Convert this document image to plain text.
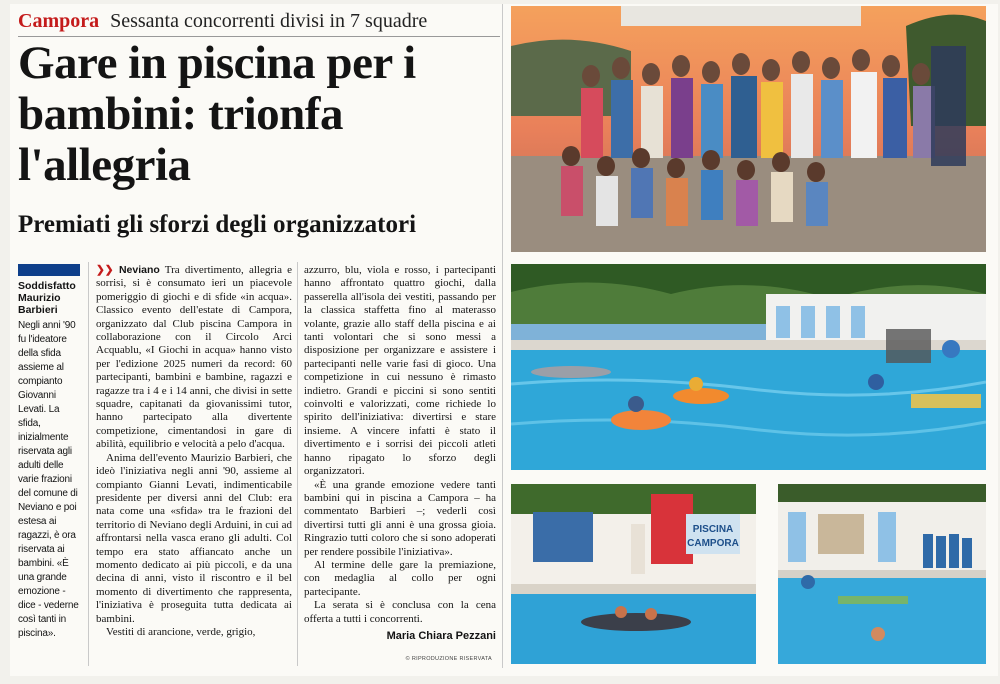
Campora Sessanta concorrenti divisi in 7 squadre
Gare in piscina per i bambini: trionfa l'allegria
Premiati gli sforzi degli organizzatori
Soddisfatto Maurizio Barbieri
Negli anni '90 fu l'ideatore della sfida assieme al compianto Giovanni Levati. La sfida, inizialmente riservata agli adulti delle varie frazioni del comune di Neviano e poi estesa ai ragazzi, è ora riservata ai bambini. «È una grande emozione - dice - vederne così tanti in piscina».

❯❯ Neviano Tra divertimento, allegria e sorrisi, si è consumato ieri un piacevole pomeriggio di giochi e di sfide «in acqua». Classico evento dell'estate di Campora, organizzato dal Club piscina Campora in collaborazione con il Circolo Arci Acquablu, «I Giochi in acqua» hanno visto per l'edizione 2025 numeri da record: 60 partecipanti, bambini e bambine, ragazzi e ragazze tra i 4 e i 14 anni, che divisi in sette squadre, capitanati da giovanissimi tutor, hanno partecipato alla divertente competizione, cimentandosi in gare di abilità, equilibrio e velocità a pelo d'acqua.

Anima dell'evento Maurizio Barbieri, che ideò l'iniziativa negli anni '90, assieme al compianto Gianni Levati, indimenticabile presidente per diversi anni del Club: era nata come una «sfida» tra le frazioni del territorio di Neviano degli Arduini, in cui ad affrontarsi nella vasca erano gli adulti. Col tempo era stato affiancato anche un momento dedicato ai più piccoli, e da una decina di anni, visto il riscontro e il bel momento di divertimento che rappresenta, l'iniziativa è proseguita tutta dedicata ai bambini.

Vestiti di arancione, verde, grigio,

azzurro, blu, viola e rosso, i partecipanti hanno affrontato quattro giochi, dalla passerella all'isola dei vestiti, passando per la classica staffetta fino al materasso volante, grazie allo staff della piscina e ai tanti volontari che si sono messi a disposizione per organizzare e assistere i partecipanti nelle varie fasi di gioco. Una competizione in cui nessuno è rimasto indietro. Grandi e piccini si sono sentiti coinvolti e valorizzati, come richiede lo spirito dell'iniziativa: divertirsi e stare insieme. A vincere infatti è stato il divertimento e i sorrisi dei piccoli atleti hanno ripagato lo sforzo degli organizzatori.

«È una grande emozione vedere tanti bambini qui in piscina a Campora – ha commentato Barbieri –; vederli così divertirsi tutti gli anni è una grossa gioia. Ringrazio tutti coloro che si sono adoperati per rendere possibile l'iniziativa».

Al termine delle gare la premiazione, con medaglia al collo per ogni partecipante.

La serata si è conclusa con la cena offerta a tutti i concorrenti.

Maria Chiara Pezzani
© RIPRODUZIONE RISERVATA
PISCINA
CAMPORA
